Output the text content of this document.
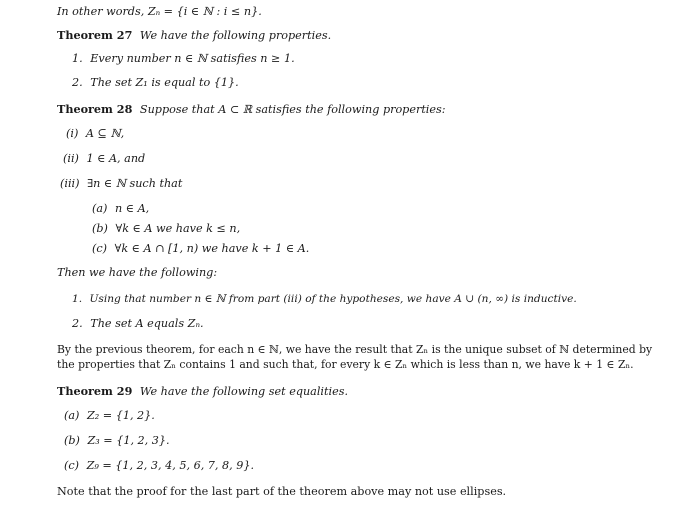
In other words, Zₙ = {i ∈ ℕ : i ≤ n}.
Theorem 27 We have the following properties.
1. Every number n ∈ ℕ satisfies n ≥ 1.
2. The set Z₁ is equal to {1}.
Theorem 28 Suppose that A ⊂ ℝ satisfies the following properties:
(i) A ⊆ ℕ,
(ii) 1 ∈ A, and
(iii) ∃n ∈ ℕ such that
(a) n ∈ A,
(b) ∀k ∈ A we have k ≤ n,
(c) ∀k ∈ A ∩ [1, n) we have k + 1 ∈ A.
Then we have the following:
1. Using that number n ∈ ℕ from part (iii) of the hypotheses, we have A ∪ (n, ∞) is inductive.
2. The set A equals Zₙ.
By the previous theorem, for each n ∈ ℕ, we have the result that Zₙ is the unique subset of ℕ determined by
the properties that Zₙ contains 1 and such that, for every k ∈ Zₙ which is less than n, we have k + 1 ∈ Zₙ.
Theorem 29 We have the following set equalities.
(a) Z₂ = {1, 2}.
(b) Z₃ = {1, 2, 3}.
(c) Z₉ = {1, 2, 3, 4, 5, 6, 7, 8, 9}.
Note that the proof for the last part of the theorem above may not use ellipses.
